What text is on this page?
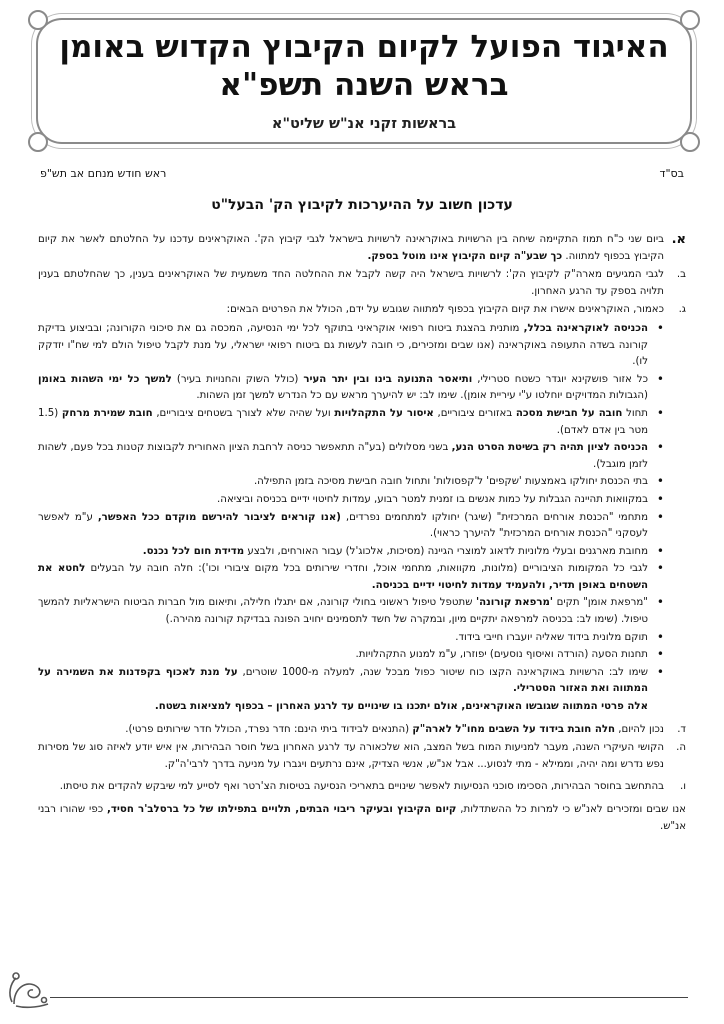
האיגוד הפועל לקיום הקיבוץ הקדוש באומן
בראש השנה תשפ"א
בראשות זקני אנ"ש שליט"א
בס"ד
ראש חודש מנחם אב תש"פ
עדכון חשוב על ההיערכות לקיבוץ הק' הבעל"ט
א.
ביום שני כ"ח תמוז התקיימה שיחה בין הרשויות באוקראינה לרשויות בישראל לגבי קיבוץ הק'. האוקראינים עדכנו על החלטתם לאשר את קיום הקיבוץ בכפוף למתווה. כך שבע"ה קיום הקיבוץ אינו מוטל בספק.
ב.
לגבי המגיעים מארה"ק לקיבוץ הק': לרשויות בישראל היה קשה לקבל את ההחלטה החד משמעית של האוקראינים בענין, כך שהחלטתם בענין תלויה בספק עד הרגע האחרון.
ג.
כאמור, האוקראינים אישרו את קיום הקיבוץ בכפוף למתווה שגובש על ידם, הכולל את הפרטים הבאים:
• הכניסה לאוקראינה בכלל, מותנית בהצגת ביטוח רפואי אוקראיני בתוקף לכל ימי הנסיעה, המכסה גם את סיכוני הקורונה; ובביצוע בדיקת קורונה בשדה התעופה באוקראינה (אנו שבים ומזכירים, כי חובה לעשות גם ביטוח רפואי ישראלי, על מנת לקבל טיפול הולם למי שח"ו יזדקק לו).
• כל אזור פושקינא יוגדר כשטח סטרילי, ותיאסר התנועה בינו ובין יתר העיר (כולל השוק והחנויות בעיר) למשך כל ימי השהות באומן (הגבולות המדויקים יוחלטו ע"י עיריית אומן). שימו לב: יש להיערך מראש עם כל הנדרש למשך זמן השהות.
• תחול חובה על חבישת מסכה באזורים ציבוריים, איסור על התקהלויות ועל שהיה שלא לצורך בשטחים ציבוריים, חובת שמירת מרחק (1.5 מטר בין אדם לאדם).
• הכניסה לציון תהיה רק בשיטת הסרט הנע, בשני מסלולים (בע"ה תתאפשר כניסה לרחבת הציון האחורית לקבוצות קטנות בכל פעם, לשהות לזמן מוגבל).
• בתי הכנסת יחולקו באמצעות 'שקפים' ל'קפסולות' ותחול חובה חבישת מסיכה בזמן התפילה.
• במקוואות תהיינה הגבלות על כמות אנשים בו זמנית למטר רבוע, עמדות לחיטוי ידיים בכניסה וביציאה.
• מתחמי "הכנסת אורחים המרכזית" (שיגר) יחולקו למתחמים נפרדים, (אנו קוראים לציבור להירשם מוקדם ככל האפשר, ע"מ לאפשר לעסקני "הכנסת אורחים המרכזית" להיערך כראוי).
• מחובת מארגנים ובעלי מלוניות לדאוג למוצרי הגיינה (מסיכות, אלכוג'ל) עבור האורחים, ולבצע מדידת חום לכל נכנס.
• לגבי כל המקומות הציבוריים (מלונות, מקוואות, מתחמי אוכל, וחדרי שירותים בכל מקום ציבורי וכו'): חלה חובה על הבעלים לחטא את השטחים באופן תדיר, ולהעמיד עמדות לחיטוי ידיים בכניסה.
• "מרפאת אומן" תקים 'מרפאת קורונה' שתטפל טיפול ראשוני בחולי קורונה, אם יתגלו חלילה, ותיאום מול חברות הביטוח הישראליות להמשך טיפול. (שימו לב: בכניסה למרפאה יתקיים מיון, ובמקרה של חשד לתסמינים יחויב הפונה בבדיקת קורונה מהירה.)
• תוקם מלונית בידוד שאליה יועברו חייבי בידוד.
• תחנות הסעה (הורדה ואיסוף נוסעים) יפוזרו, ע"מ למנוע התקהלויות.
• שימו לב: הרשויות באוקראינה הקצו כוח שיטור כפול מבכל שנה, למעלה מ-1000 שוטרים, על מנת לאכוף בקפדנות את השמירה על המתווה ואת האזור הסטרילי.
אלה פרטי המתווה שגובשו האוקראינים, אולם יתכנו בו שינויים עד לרגע האחרון – בכפוף למציאות בשטח.
ד.
נכון להיום, חלה חובת בידוד על השבים מחו"ל לארה"ק (התנאים לבידוד ביתי הינם: חדר נפרד, הכולל חדר שירותים פרטי).
ה.
הקושי העיקרי השנה, מעבר למניעות המוח בשל המצב, הוא שלכאורה עד לרגע האחרון בשל חוסר הבהירות, אין איש יודע לאיזה סוג של מסירות נפש נדרש ומה יהיה, וממילא - מתי לנסוע... אבל אנ"ש, אנשי הצדיק, אינם נרתעים ויגברו על מניעה בדרך לרבי'ה"ק.
ו.
בהתחשב בחוסר הבהירות, הסכימו סוכני הנסיעות לאפשר שינויים בתאריכי הנסיעה בטיסות הצ'רטר ואף לסייע למי שיבקש להקדים את טיסתו.
אנו שבים ומזכירים לאנ"ש כי למרות כל ההשתדלות, קיום הקיבוץ ובעיקר ריבוי הבתים, תלויים בתפילתו של כל ברסלב'ר חסיד, כפי שהורו רבני אנ"ש.
